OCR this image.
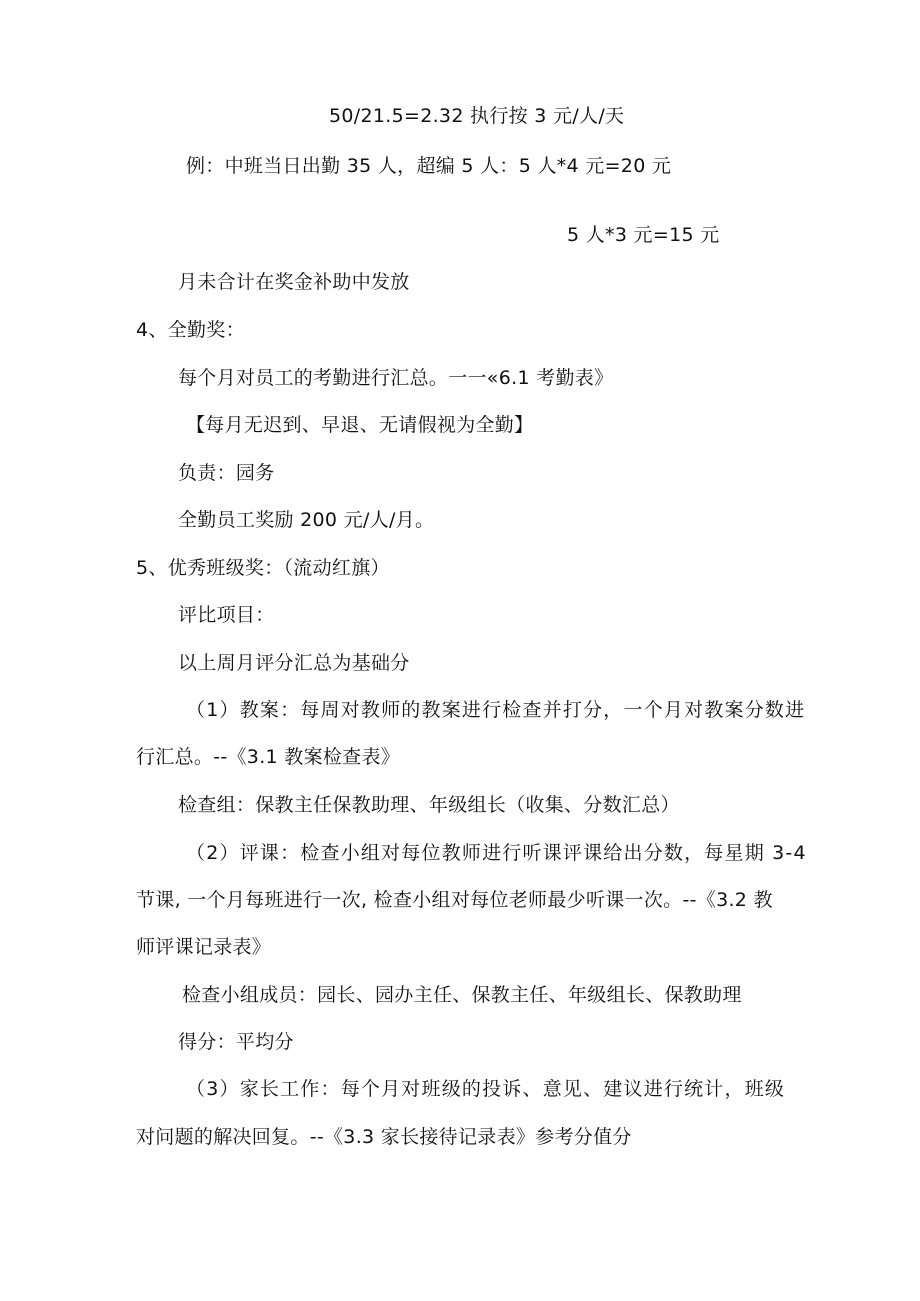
50/21.5=2.32 执行按 3 元/人/天
例：中班当日出勤 35 人，超编 5 人：5 人*4 元=20 元
5 人*3 元=15 元
月未合计在奖金补助中发放
4、全勤奖：
每个月对员工的考勤进行汇总。一一«6.1 考勤表》
【每月无迟到、早退、无请假视为全勤】
负责：园务
全勤员工奖励 200 元/人/月。
5、优秀班级奖：（流动红旗）
评比项目：
以上周月评分汇总为基础分
（1）教案：每周对教师的教案进行检查并打分，一个月对教案分数进
行汇总。--《3.1 教案检查表》
检查组：保教主任保教助理、年级组长（收集、分数汇总）
（2）评课：检查小组对每位教师进行听课评课给出分数，每星期 3-4
节课, 一个月每班进行一次, 检查小组对每位老师最少听课一次。--《3.2 教
师评课记录表》
检查小组成员：园长、园办主任、保教主任、年级组长、保教助理
得分：平均分
（3）家长工作：每个月对班级的投诉、意见、建议进行统计，班级
对问题的解决回复。--《3.3 家长接待记录表》参考分值分
